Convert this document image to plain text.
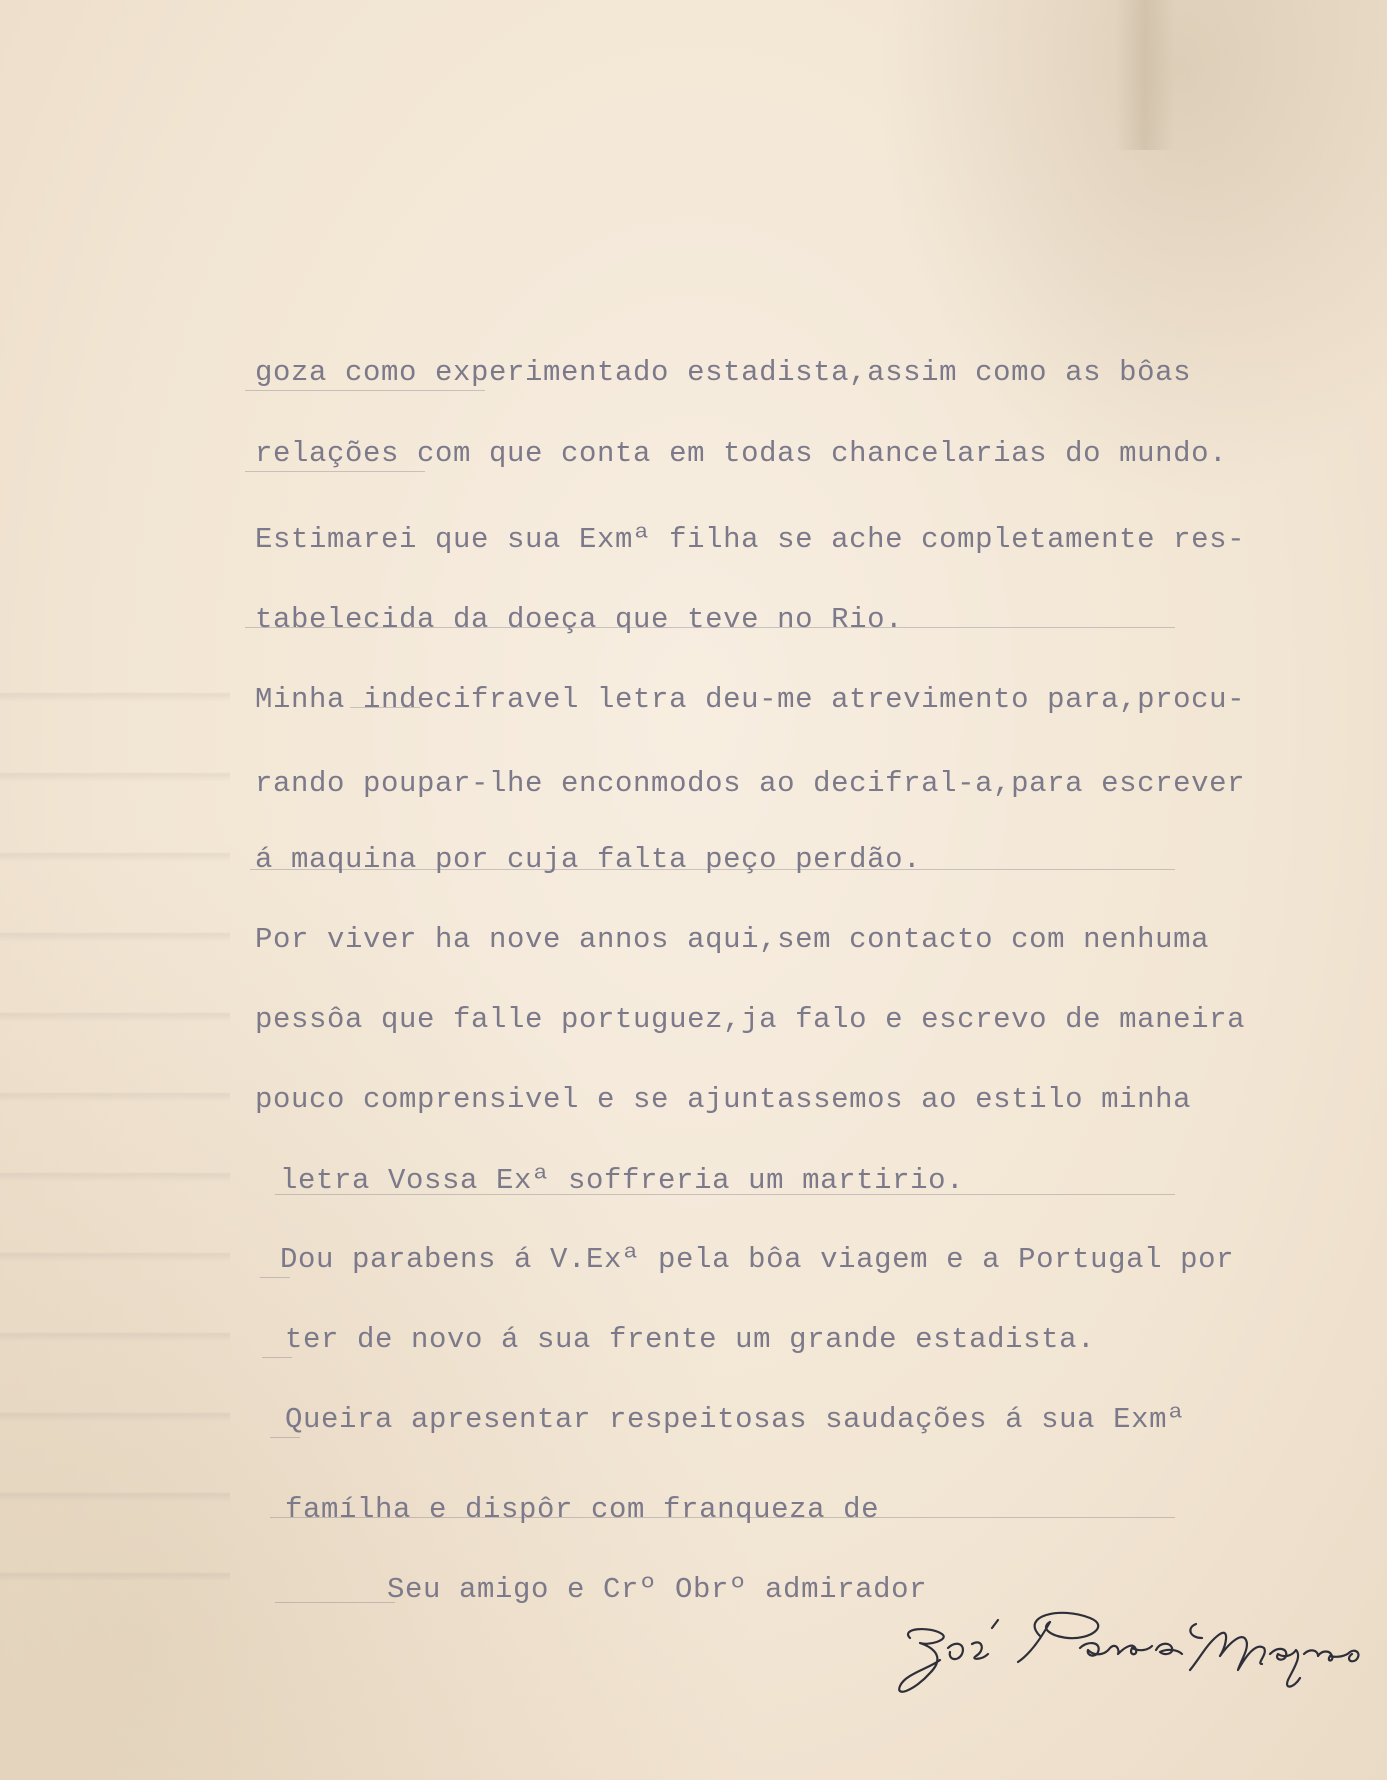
goza como experimentado estadista,assim como as bôas

relações com que conta em todas chancelarias do mundo.

Estimarei que sua Exmª filha se ache completamente res-

tabelecida da doeça que teve no Rio.

Minha indecifravel letra deu-me atrevimento para,procu-

rando poupar-lhe enconmodos ao decifral-a,para escrever

á maquina por cuja falta peço perdão.

Por viver ha nove annos aqui,sem contacto com nenhuma

pessôa que falle portuguez,ja falo e escrevo de maneira

pouco comprensivel e se ajuntassemos ao estilo minha

letra Vossa Exª soffreria um martirio.

Dou parabens á V.Exª pela bôa viagem e a Portugal por

ter de novo á sua frente um grande estadista.

Queira apresentar respeitosas saudações á sua Exmª

famílha e dispôr com franqueza de

Seu amigo e Crº Obrº admirador
